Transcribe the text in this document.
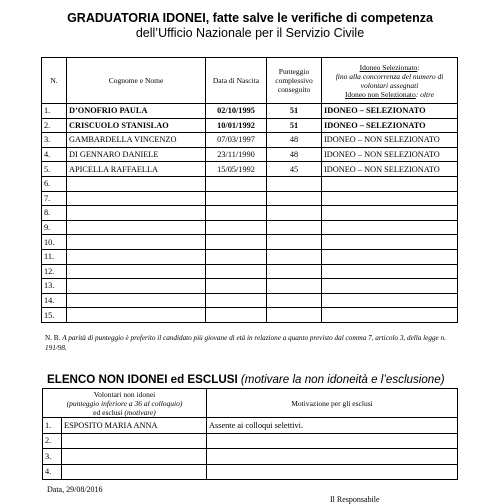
GRADUATORIA IDONEI, fatte salve le verifiche di competenza
dell’Ufficio Nazionale per il Servizio Civile
N.	Cognome e Nome	Data di Nascita	Punteggio complessivo conseguito	Idoneo Selezionato:
fino alla concorrenza del numero di volontari assegnati
Idoneo non Selezionato: oltre

1.	D’ONOFRIO PAULA	02/10/1995	51	IDONEO – SELEZIONATO
2.	CRISCUOLO STANISLAO	10/01/1992	51	IDONEO – SELEZIONATO
3.	GAMBARDELLA VINCENZO	07/03/1997	48	IDONEO – NON SELEZIONATO
4.	DI GENNARO DANIELE	23/11/1990	48	IDONEO – NON SELEZIONATO
5.	APICELLA RAFFAELLA	15/05/1992	45	IDONEO – NON SELEZIONATO
6.				
7.				
8.				
9.				
10.				
11.				
12.				
13.				
14.				
15.				
N. B. A parità di punteggio è preferito il candidato più giovane di età in relazione a quanto previsto dal comma 7, articolo 3, della legge n. 191/98.
ELENCO NON IDONEI ed ESCLUSI (motivare la non idoneità e l’esclusione)
Volontari non idonei
(punteggio inferiore a 36 al colloquio)
ed esclusi (motivare)		Motivazione per gli esclusi
1.	ESPOSITO MARIA ANNA	Assente ai colloqui selettivi.
2.		
3.		
4.		
Data, 29/08/2016
Il Responsabile
